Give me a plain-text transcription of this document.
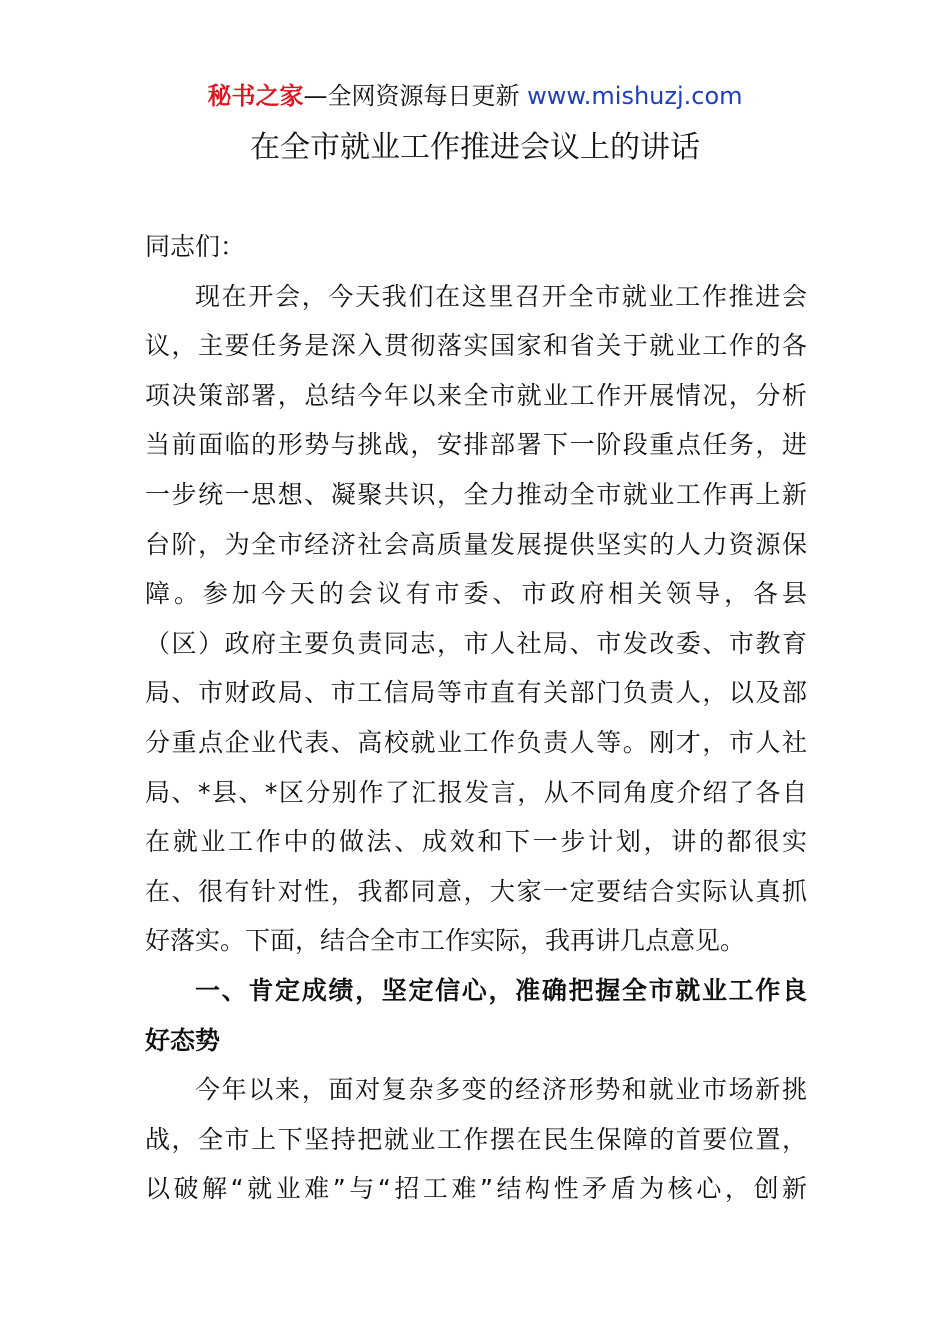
秘书之家—全网资源每日更新 www.mishuzj.com
在全市就业工作推进会议上的讲话
同志们：
现在开会，今天我们在这里召开全市就业工作推进会
议，主要任务是深入贯彻落实国家和省关于就业工作的各
项决策部署，总结今年以来全市就业工作开展情况，分析
当前面临的形势与挑战，安排部署下一阶段重点任务，进
一步统一思想、凝聚共识，全力推动全市就业工作再上新
台阶，为全市经济社会高质量发展提供坚实的人力资源保
障。参加今天的会议有市委、市政府相关领导，各县
（区）政府主要负责同志，市人社局、市发改委、市教育
局、市财政局、市工信局等市直有关部门负责人，以及部
分重点企业代表、高校就业工作负责人等。刚才，市人社
局、*县、*区分别作了汇报发言，从不同角度介绍了各自
在就业工作中的做法、成效和下一步计划，讲的都很实
在、很有针对性，我都同意，大家一定要结合实际认真抓
好落实。下面，结合全市工作实际，我再讲几点意见。
一、肯定成绩，坚定信心，准确把握全市就业工作良
好态势
今年以来，面对复杂多变的经济形势和就业市场新挑
战，全市上下坚持把就业工作摆在民生保障的首要位置，
以破解“就业难”与“招工难”结构性矛盾为核心，创新
